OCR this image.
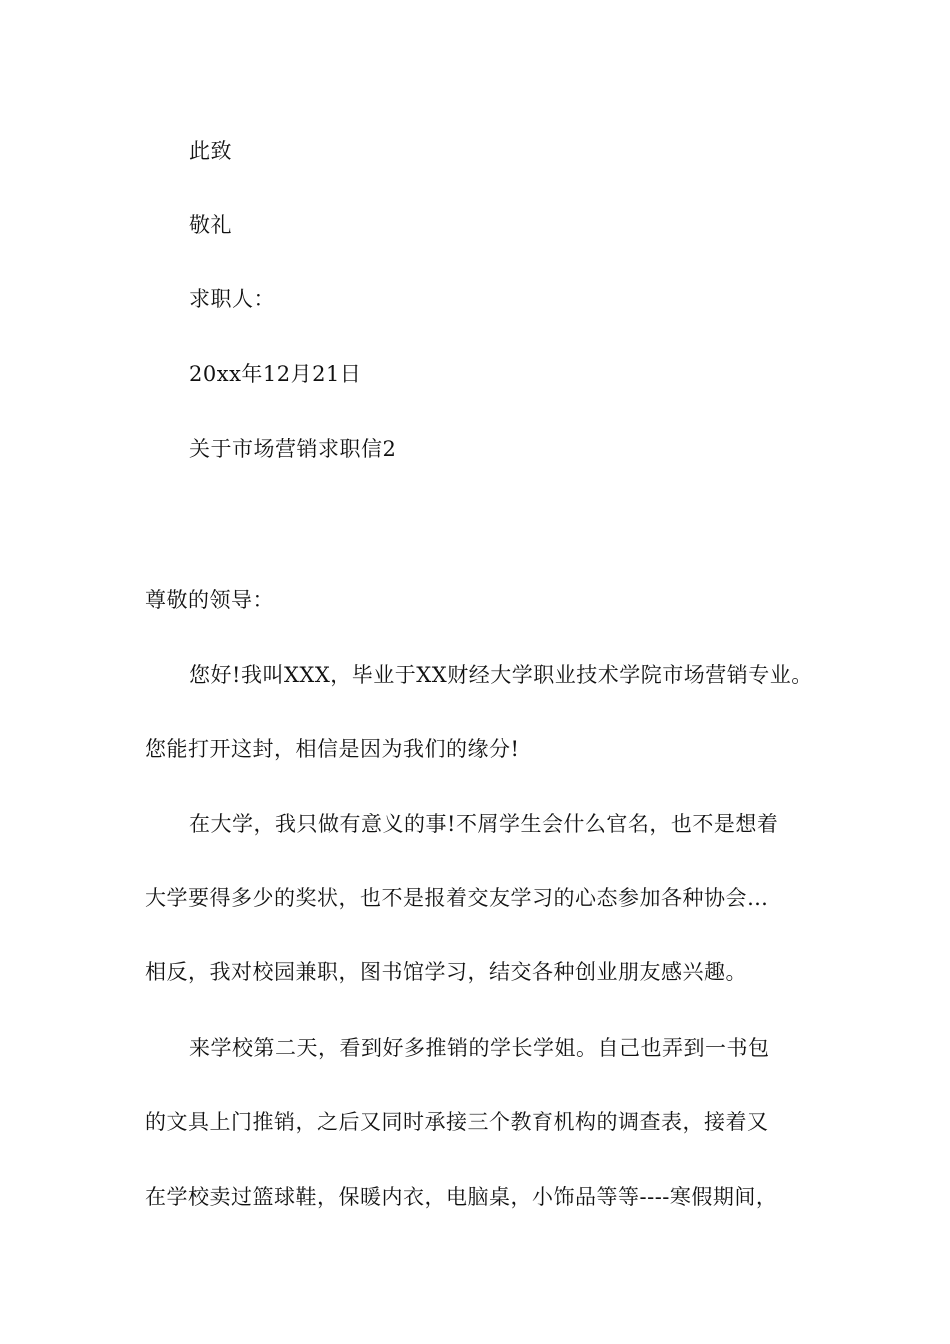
此致
敬礼
求职人：
20xx年12月21日
关于市场营销求职信2
尊敬的领导：
您好!我叫XXX，毕业于XX财经大学职业技术学院市场营销专业。
您能打开这封，相信是因为我们的缘分!
在大学，我只做有意义的事!不屑学生会什么官名，也不是想着
大学要得多少的奖状，也不是报着交友学习的心态参加各种协会…
相反，我对校园兼职，图书馆学习，结交各种创业朋友感兴趣。
来学校第二天，看到好多推销的学长学姐。自己也弄到一书包
的文具上门推销，之后又同时承接三个教育机构的调查表，接着又
在学校卖过篮球鞋，保暖内衣，电脑桌，小饰品等等----寒假期间，
